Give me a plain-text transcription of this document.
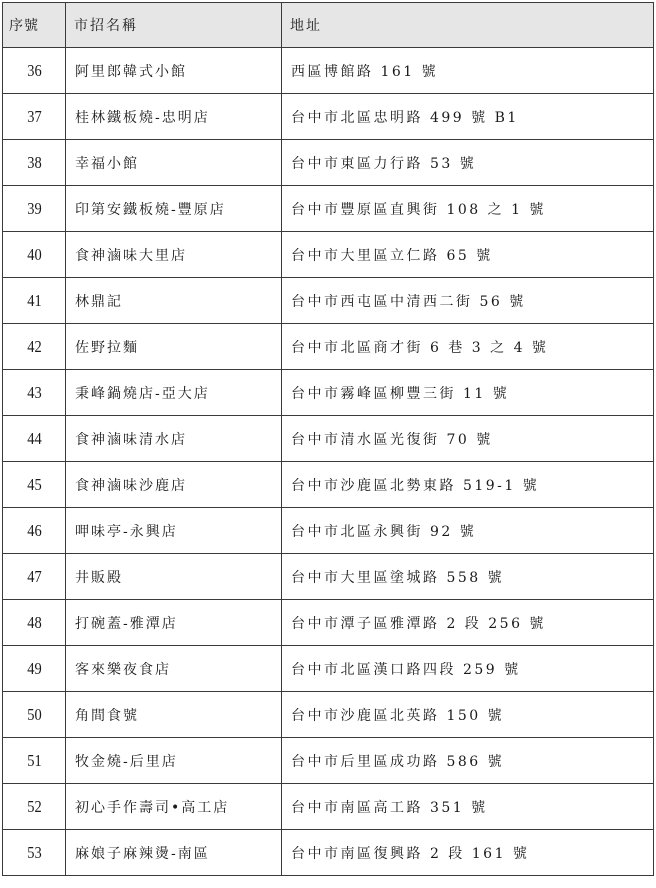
序號	市招名稱	地址
36	阿里郎韓式小館	西區博館路 161 號
37	桂林鐵板燒-忠明店	台中市北區忠明路 499 號 B1
38	幸福小館	台中市東區力行路 53 號
39	印第安鐵板燒-豐原店	台中市豐原區直興街 108 之 1 號
40	食神滷味大里店	台中市大里區立仁路 65 號
41	林鼎記	台中市西屯區中清西二街 56 號
42	佐野拉麵	台中市北區商才街 6 巷 3 之 4 號
43	秉峰鍋燒店-亞大店	台中市霧峰區柳豐三街 11 號
44	食神滷味清水店	台中市清水區光復街 70 號
45	食神滷味沙鹿店	台中市沙鹿區北勢東路 519-1 號
46	呷味亭-永興店	台中市北區永興街 92 號
47	井販殿	台中市大里區塗城路 558 號
48	打碗蓋-雅潭店	台中市潭子區雅潭路 2 段 256 號
49	客來樂夜食店	台中市北區漢口路四段 259 號
50	角間食號	台中市沙鹿區北英路 150 號
51	牧金燒-后里店	台中市后里區成功路 586 號
52	初心手作壽司•高工店	台中市南區高工路 351 號
53	麻娘子麻辣燙-南區	台中市南區復興路 2 段 161 號
